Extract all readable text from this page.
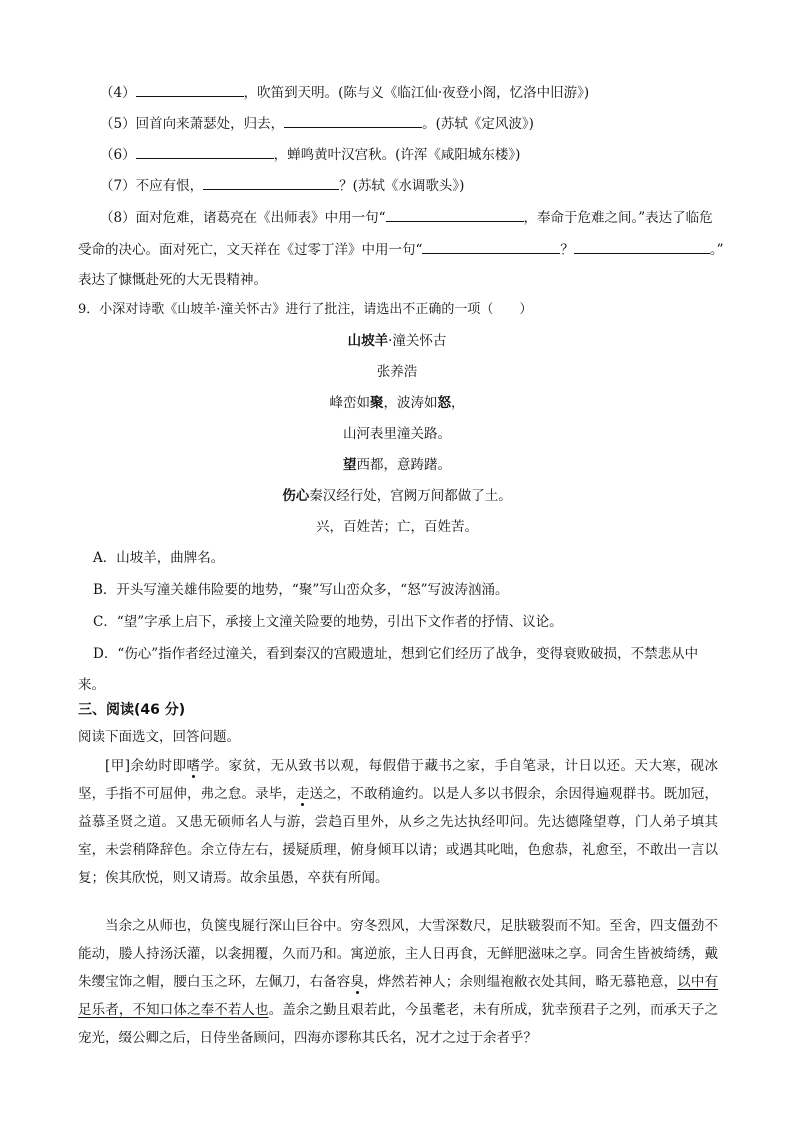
（4）	，吹笛到天明。(陈与义《临江仙·夜登小阁，忆洛中旧游》)
（5）回首向来萧瑟处，归去，	。(苏轼《定风波》)
（6）	，蝉鸣黄叶汉宫秋。(许浑《咸阳城东楼》)
（7）不应有恨，	？(苏轼《水调歌头》)
（8）面对危难，诸葛亮在《出师表》中用一句“	，奉命于危难之间。”表达了临危
受命的决心。面对死亡，文天祥在《过零丁洋》中用一句“	？	。”
表达了慷慨赴死的大无畏精神。
9．小深对诗歌《山坡羊·潼关怀古》进行了批注，请选出不正确的一项（　　）
山坡羊·潼关怀古
张养浩
峰峦如聚，波涛如怒，
山河表里潼关路。
望西都，意踌躇。
伤心秦汉经行处，宫阙万间都做了土。
兴，百姓苦；亡，百姓苦。
A．山坡羊，曲牌名。
B．开头写潼关雄伟险要的地势，“聚”写山峦众多，“怒”写波涛汹涌。
C．“望”字承上启下，承接上文潼关险要的地势，引出下文作者的抒情、议论。
D．“伤心”指作者经过潼关，看到秦汉的宫殿遗址，想到它们经历了战争，变得衰败破损，不禁悲从中
来。
三、阅读(46 分)
阅读下面选文，回答问题。
[甲]余幼时即嗜学。家贫，无从致书以观，每假借于藏书之家，手自笔录，计日以还。天大寒，砚冰坚，手指不可屈伸，弗之怠。录毕，走送之，不敢稍逾约。以是人多以书假余，余因得遍观群书。既加冠，益慕圣贤之道。又患无硕师名人与游，尝趋百里外，从乡之先达执经叩问。先达德隆望尊，门人弟子填其室，未尝稍降辞色。余立侍左右，援疑质理，俯身倾耳以请；或遇其叱咄，色愈恭，礼愈至，不敢出一言以复；俟其欣悦，则又请焉。故余虽愚，卒获有所闻。
当余之从师也，负箧曳屣行深山巨谷中。穷冬烈风，大雪深数尺，足肤皲裂而不知。至舍，四支僵劲不能动，媵人持汤沃灌，以衾拥覆，久而乃和。寓逆旅，主人日再食，无鲜肥滋味之享。同舍生皆被绮绣，戴朱缨宝饰之帽，腰白玉之环，左佩刀，右备容臭，烨然若神人；余则缊袍敝衣处其间，略无慕艳意，以中有足乐者，不知口体之奉不若人也。盖余之勤且艰若此，今虽耄老，未有所成，犹幸预君子之列，而承天子之宠光，缀公卿之后，日侍坐备顾问，四海亦谬称其氏名，况才之过于余者乎？
